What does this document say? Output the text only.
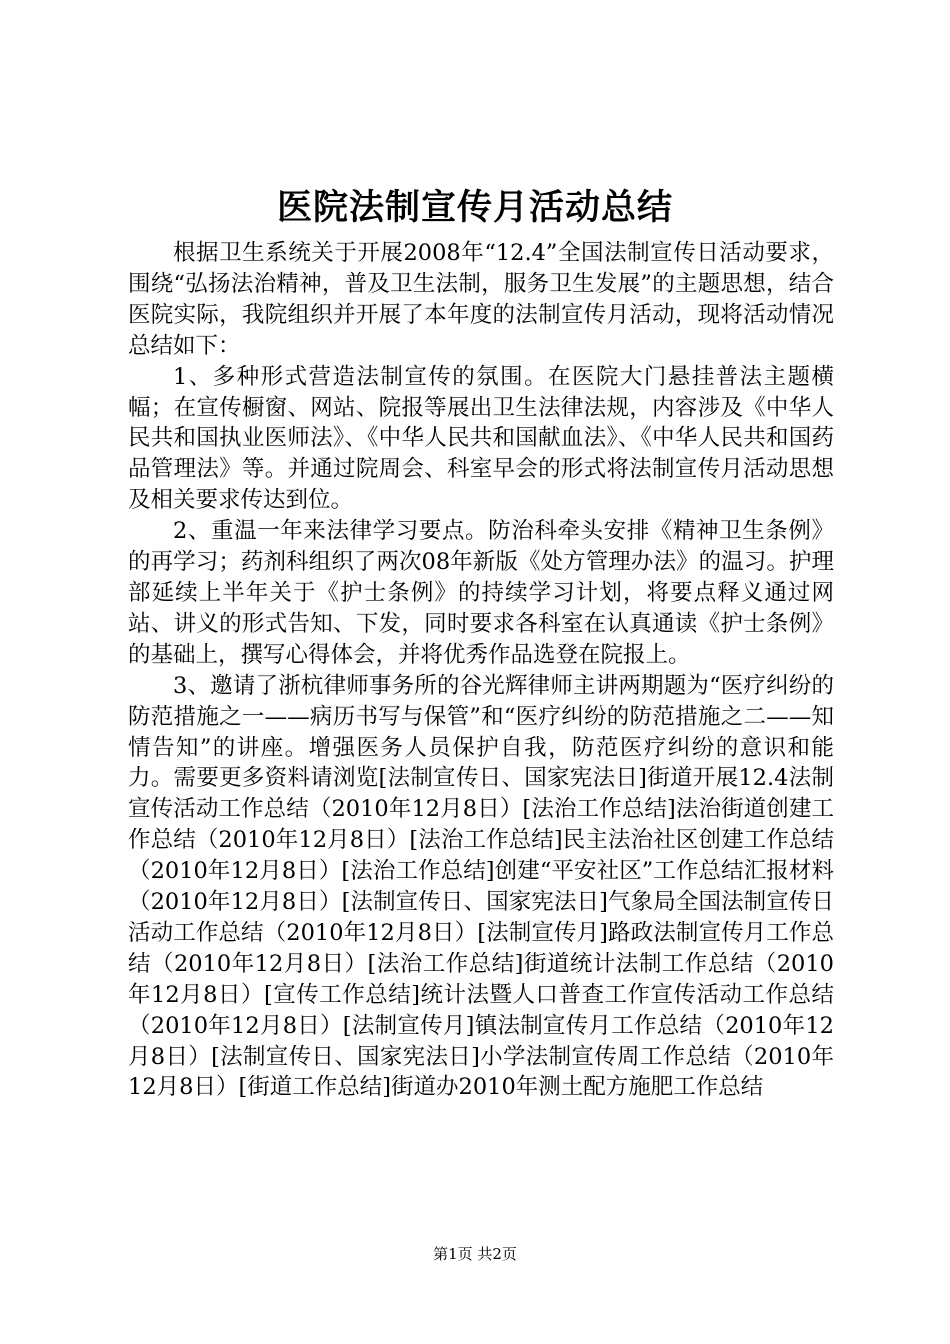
医院法制宣传月活动总结

根据卫生系统关于开展2008年“12.4”全国法制宣传日活动要求，围绕“弘扬法治精神，普及卫生法制，服务卫生发展”的主题思想，结合医院实际，我院组织并开展了本年度的法制宣传月活动，现将活动情况总结如下：

1、多种形式营造法制宣传的氛围。在医院大门悬挂普法主题横幅；在宣传橱窗、网站、院报等展出卫生法律法规，内容涉及《中华人民共和国执业医师法》、《中华人民共和国献血法》、《中华人民共和国药品管理法》等。并通过院周会、科室早会的形式将法制宣传月活动思想及相关要求传达到位。

2、重温一年来法律学习要点。防治科牵头安排《精神卫生条例》的再学习；药剂科组织了两次08年新版《处方管理办法》的温习。护理部延续上半年关于《护士条例》的持续学习计划，将要点释义通过网站、讲义的形式告知、下发，同时要求各科室在认真通读《护士条例》的基础上，撰写心得体会，并将优秀作品选登在院报上。

3、邀请了浙杭律师事务所的谷光辉律师主讲两期题为“医疗纠纷的防范措施之一——病历书写与保管”和“医疗纠纷的防范措施之二——知情告知”的讲座。增强医务人员保护自我，防范医疗纠纷的意识和能力。需要更多资料请浏览[法制宣传日、国家宪法日]街道开展12.4法制宣传活动工作总结（2010年12月8日）[法治工作总结]法治街道创建工作总结（2010年12月8日）[法治工作总结]民主法治社区创建工作总结（2010年12月8日）[法治工作总结]创建“平安社区”工作总结汇报材料（2010年12月8日）[法制宣传日、国家宪法日]气象局全国法制宣传日活动工作总结（2010年12月8日）[法制宣传月]路政法制宣传月工作总结（2010年12月8日）[法治工作总结]街道统计法制工作总结（2010年12月8日）[宣传工作总结]统计法暨人口普查工作宣传活动工作总结（2010年12月8日）[法制宣传月]镇法制宣传月工作总结（2010年12月8日）[法制宣传日、国家宪法日]小学法制宣传周工作总结（2010年12月8日）[街道工作总结]街道办2010年测土配方施肥工作总结

第1页 共2页
